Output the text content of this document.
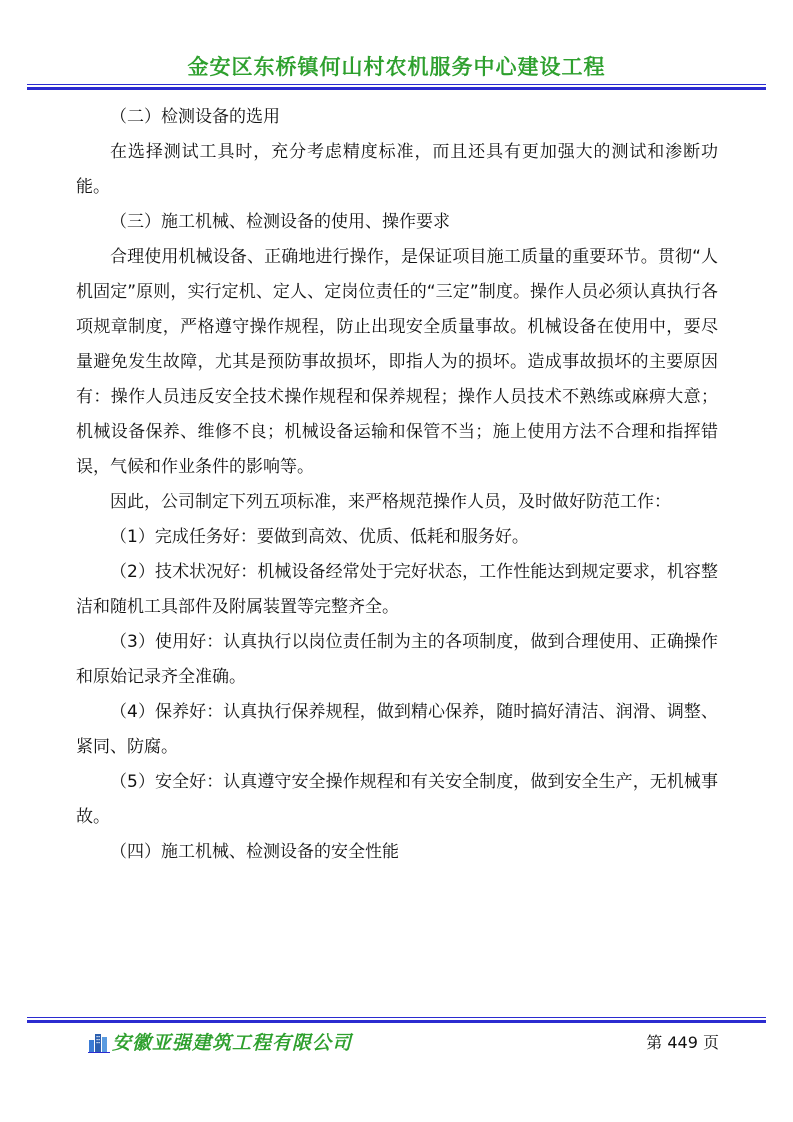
金安区东桥镇何山村农机服务中心建设工程

（二）检测设备的选用

在选择测试工具时，充分考虑精度标准，而且还具有更加强大的测试和渗断功能。

（三）施工机械、检测设备的使用、操作要求

合理使用机械设备、正确地进行操作，是保证项目施工质量的重要环节。贯彻“人机固定”原则，实行定机、定人、定岗位责任的“三定”制度。操作人员必须认真执行各项规章制度，严格遵守操作规程，防止出现安全质量事故。机械设备在使用中，要尽量避免发生故障，尤其是预防事故损坏，即指人为的损坏。造成事故损坏的主要原因有：操作人员违反安全技术操作规程和保养规程；操作人员技术不熟练或麻痹大意；机械设备保养、维修不良；机械设备运输和保管不当；施上使用方法不合理和指挥错误，气候和作业条件的影响等。

因此，公司制定下列五项标准，来严格规范操作人员，及时做好防范工作：

（1）完成任务好：要做到高效、优质、低耗和服务好。

（2）技术状况好：机械设备经常处于完好状态，工作性能达到规定要求，机容整洁和随机工具部件及附属装置等完整齐全。

（3）使用好：认真执行以岗位责任制为主的各项制度，做到合理使用、正确操作和原始记录齐全准确。

（4）保养好：认真执行保养规程，做到精心保养，随时搞好清洁、润滑、调整、紧同、防腐。

（5）安全好：认真遵守安全操作规程和有关安全制度，做到安全生产，无机械事故。

（四）施工机械、检测设备的安全性能

安徽亚强建筑工程有限公司	第 449 页
